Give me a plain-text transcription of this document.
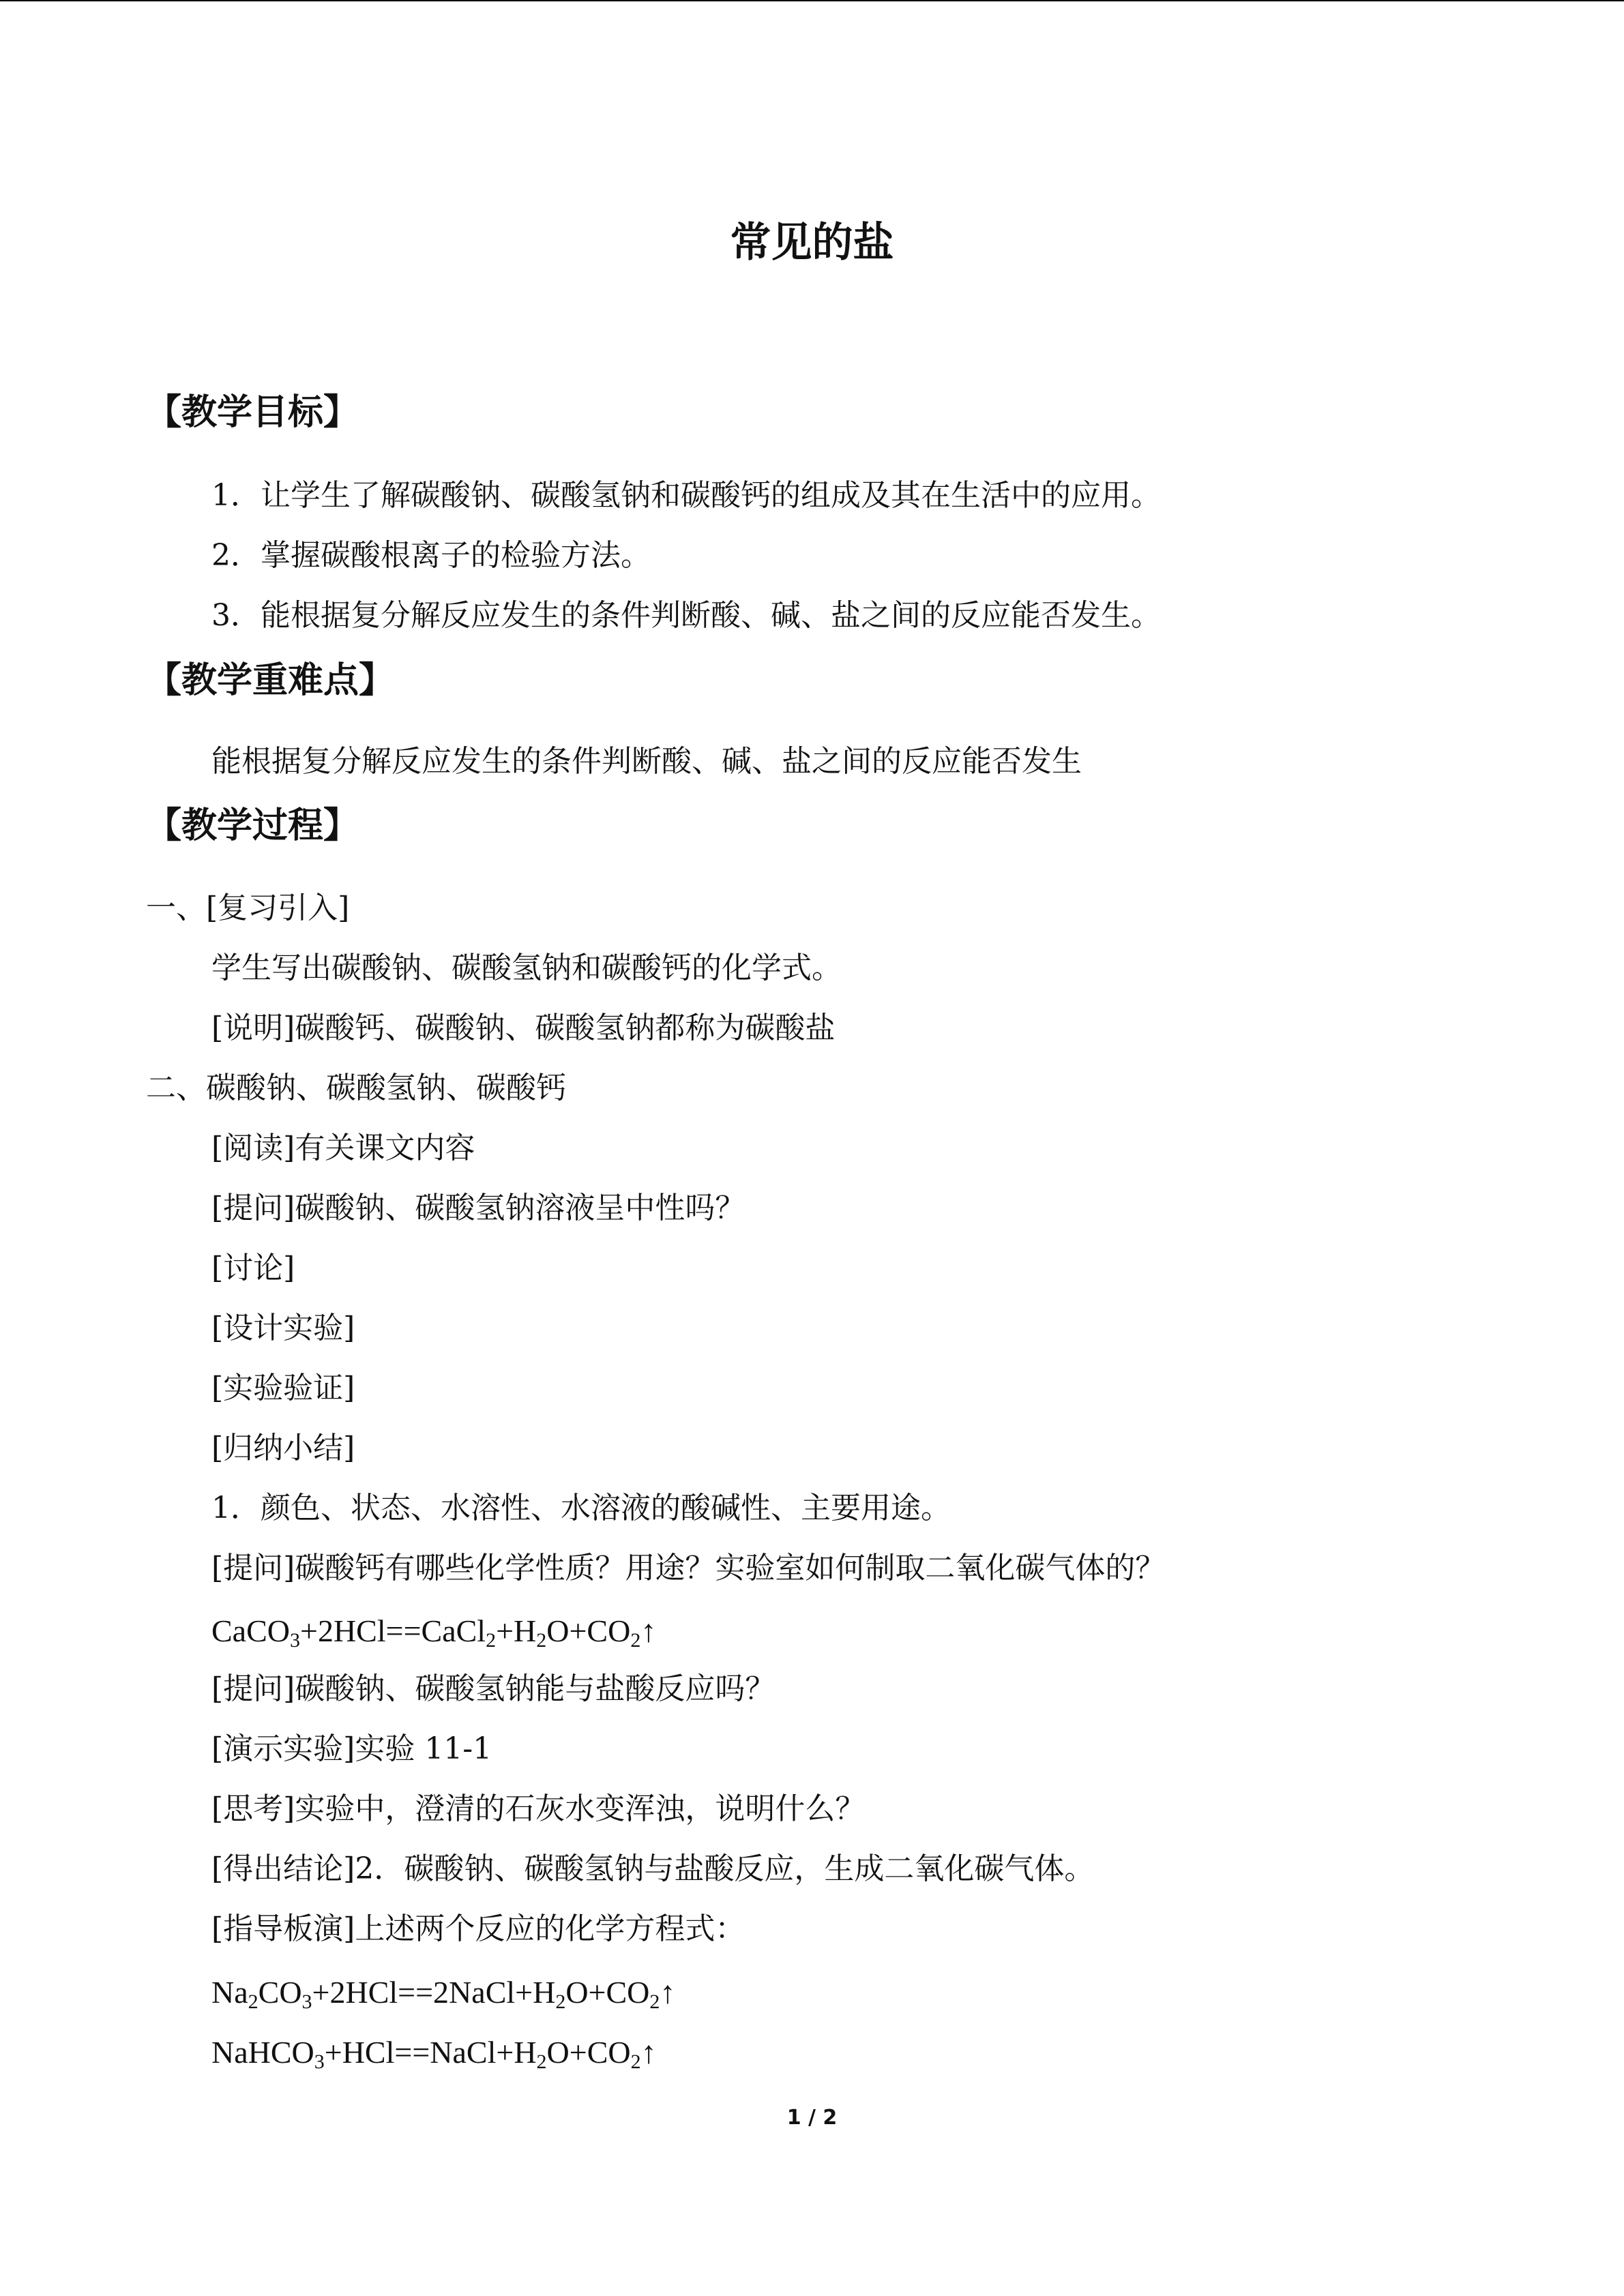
常见的盐
【教学目标】
1．让学生了解碳酸钠、碳酸氢钠和碳酸钙的组成及其在生活中的应用。
2．掌握碳酸根离子的检验方法。
3．能根据复分解反应发生的条件判断酸、碱、盐之间的反应能否发生。
【教学重难点】
能根据复分解反应发生的条件判断酸、碱、盐之间的反应能否发生
【教学过程】
一、[复习引入]
学生写出碳酸钠、碳酸氢钠和碳酸钙的化学式。
[说明]碳酸钙、碳酸钠、碳酸氢钠都称为碳酸盐
二、碳酸钠、碳酸氢钠、碳酸钙
[阅读]有关课文内容
[提问]碳酸钠、碳酸氢钠溶液呈中性吗？
[讨论]
[设计实验]
[实验验证]
[归纳小结]
1．颜色、状态、水溶性、水溶液的酸碱性、主要用途。
[提问]碳酸钙有哪些化学性质？用途？实验室如何制取二氧化碳气体的？
$CaCO_3+2HCl==CaCl_2+H_2O+CO_2↑$
[提问]碳酸钠、碳酸氢钠能与盐酸反应吗？
[演示实验]实验 11-1
[思考]实验中，澄清的石灰水变浑浊，说明什么？
[得出结论]2．碳酸钠、碳酸氢钠与盐酸反应，生成二氧化碳气体。
[指导板演]上述两个反应的化学方程式：
$Na_2CO_3+2HCl==2NaCl+H_2O+CO_2↑$
$NaHCO_3+HCl==NaCl+H_2O+CO_2↑$
1 / 2
